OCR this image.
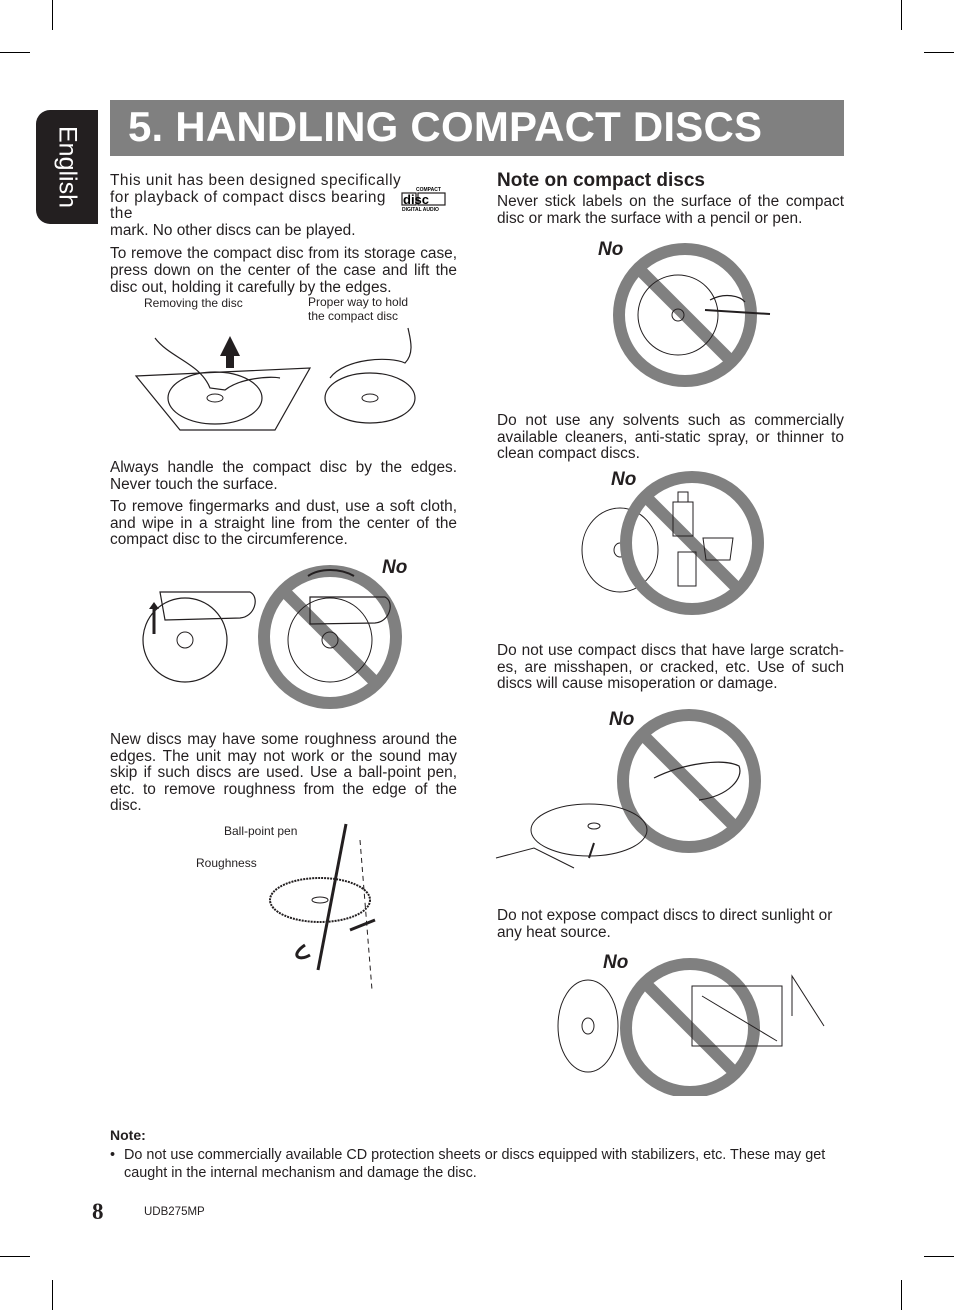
English 5. HANDLING COMPACT DISCS

This unit has been designed specifically for playback of compact discs bearing the

mark. No other discs can be played.

To remove the compact disc from its storage case, press down on the center of the case and lift the disc out, holding it carefully by the edges.

COMPACT
disc
DIGITAL AUDIO
Removing the disc	Proper way to hold the compact disc

Always handle the compact disc by the edges. Never touch the surface.

To remove fingermarks and dust, use a soft cloth, and wipe in a straight line from the center of the compact disc to the circumference.

No

New discs may have some roughness around the edges. The unit may not work or the sound may skip if such discs are used. Use a ball-point pen, etc. to remove roughness from the edge of the disc.

Ball-point pen
Roughness
Note on compact discs

Never stick labels on the surface of the compact disc or mark the surface with a pencil or pen.

No

Do not use any solvents such as commercially available cleaners, anti-static spray, or thinner to clean compact discs.

No

Do not use compact discs that have large scratch-es, are misshapen, or cracked, etc. Use of such discs will cause misoperation or damage.

No

Do not expose compact discs to direct sunlight or any heat source.

No
Note:
• Do not use commercially available CD protection sheets or discs equipped with stabilizers, etc. These may get caught in the internal mechanism and damage the disc.
8	UDB275MP
